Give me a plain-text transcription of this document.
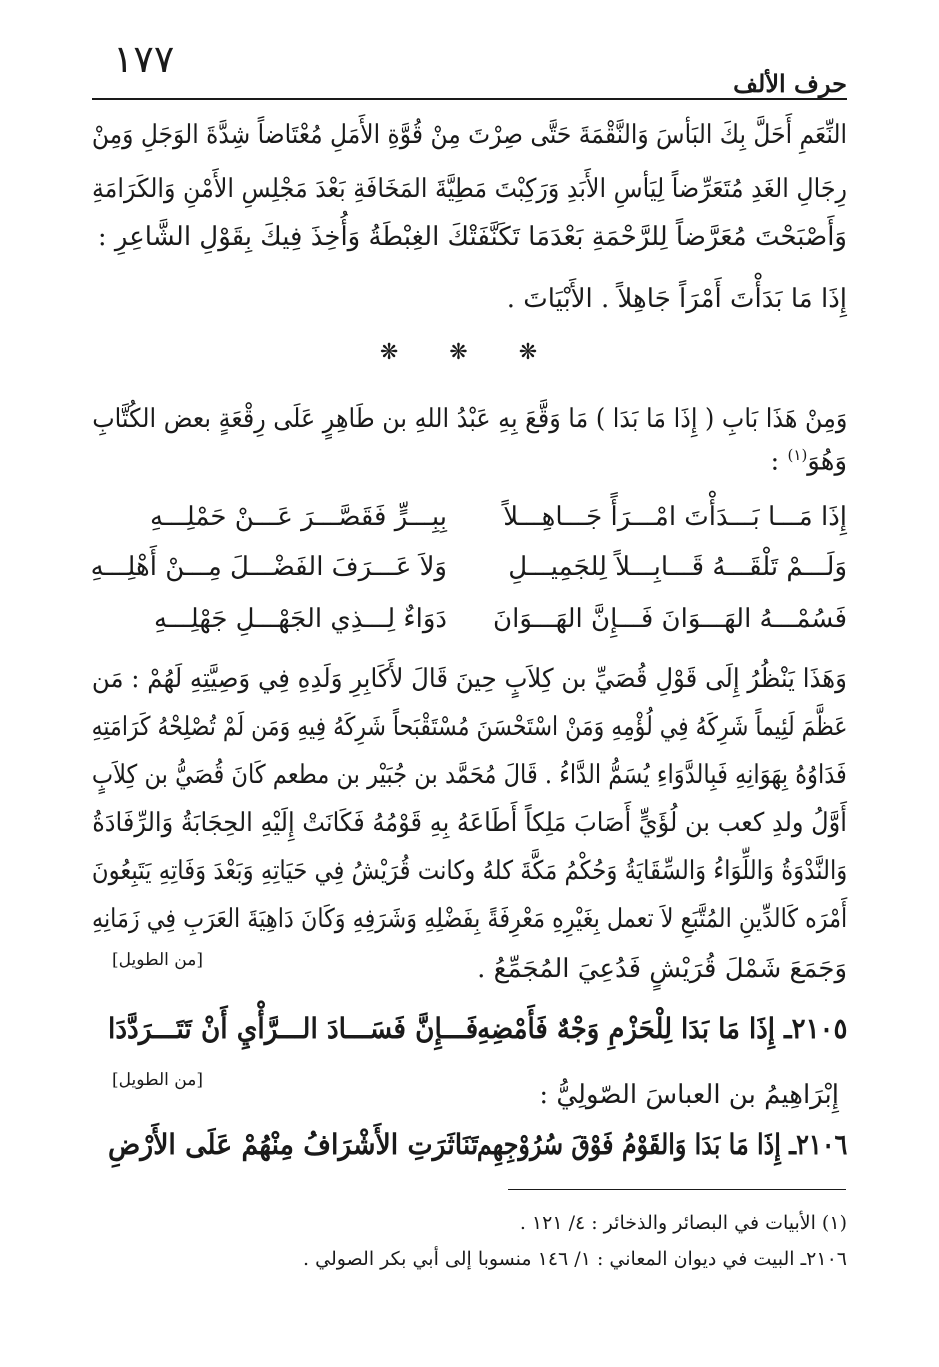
١٧٧
حرف الألف
النِّعَمِ أَحَلَّ بِكَ البَأسَ وَالنَّقْمَةَ حَتَّى صِرْتَ مِنْ قُوَّةِ الأَمَلِ مُعْتَاضاً شِدَّةَ الوَجَلِ وَمِنْ
رِجَالِ الغَدِ مُتَعَرِّضاً لِيَأسِ الأَبَدِ وَرَكِبْتَ مَطِيَّةَ المَخَافَةِ بَعْدَ مَجْلِسِ الأَمْنِ وَالكَرَامَةِ
وَأَصْبَحْتَ مُعَرَّضاً لِلرَّحْمَةِ بَعْدَمَا تَكَنَّفَتْكَ الغِبْطَةُ وَأُخِذَ فِيكَ بِقَوْلِ الشَّاعِرِ :
إِذَا مَا بَدَأْتَ أَمْرَاً جَاهِلاً . الأَبْيَاتَ .
❋ ❋ ❋
وَمِنْ هَذَا بَابِ ( إِذَا مَا بَدَا ) مَا وَقَّعَ بِهِ عَبْدُ اللهِ بن طَاهِرٍ عَلَى رِقْعَةٍ بعض الكُتَّابِ
وَهُوَ$^{(١)}$ :
إِذَا مَـــا بَـــدَأْتَ امْـــرَأً جَـــاهِـــلاً
بِبِـــرٍّ فَقَصَّـــرَ عَـــنْ حَمْلِـــهِ
وَلَـــمْ تَلْقَـــهُ قَـــابِـــلاً لِلجَمِيـــلِ
وَلاَ عَـــرَفَ الفَضْـــلَ مِـــنْ أَهْلِـــهِ
فَسُمْـــهُ الهَـــوَانَ فَـــإِنَّ الهَـــوَانَ
دَوَاءٌ لِـــذِي الجَهْـــلِ جَهْلِـــهِ
وَهَذَا يَنْظُرُ إِلَى قَوْلِ قُصَيِّ بن كِلاَبٍ حِينَ قَالَ لأَكَابِرِ وَلَدِهِ فِي وَصِيَّتِهِ لَهُمْ : مَن
عَظَّمَ لَئِيماً شَرِكَهُ فِي لُؤْمِهِ وَمَنْ اسْتَحْسَنَ مُسْتَقْبَحاً شَرِكَهُ فِيهِ وَمَن لَمْ تُصْلِحْهُ كَرَامَتِهِ
فَدَاوُهُ بِهَوَانِهِ فَبِالدَّوَاءِ يُسَمُّ الدَّاءُ . قَالَ مُحَمَّد بن جُبَيْر بن مطعم كَانَ قُصَيُّ بن كِلاَبٍ
أَوَّلُ ولدِ كعب بن لُؤَيٍّ أَصَابَ مَلِكاً أَطَاعَهُ بِهِ قَوْمُهُ فَكَانَتْ إِلَيْهِ الحِجَابَةُ وَالرِّفَادَةُ
وَالنَّدْوَةُ وَاللِّوَاءُ وَالسِّقَايَةُ وَحُكْمُ مَكَّةَ كلهُ وكانت قُرَيْشُ فِي حَيَاتِهِ وَبَعْدَ وَفَاتِهِ يَتَبِعُونَ
أَمْرَه كَالدِّينِ المُتَّبَعِ لاَ تعمل بِغَيْرِهِ مَعْرِفَةً بِفَضْلِهِ وَشَرَفِهِ وَكَانَ دَاهِيَةَ العَرَبِ فِي زَمَانِهِ
وَجَمَعَ شَمْلَ قُرَيْشٍ فَدُعِيَ المُجَمِّعُ .
[من الطويل]
٢١٠٥ـ إِذَا مَا بَدَا لِلْحَزْمِ وَجْهٌ فَأَمْضِهِ
فَـــإِنَّ فَسَـــادَ الـــرَّأْيِ أَنْ تَتَـــرَدَّدَا
[من الطويل]	إِبْرَاهِيمُ بن العباسَ الصّولِيُّ :
٢١٠٦ـ إِذَا مَا بَدَا وَالقَوْمُ فَوْقَ سُرُوْجِهِم
تَنَاثَرَتِ الأَشْرَافُ مِنْهُمْ عَلَى الأَرْضِ
(١) الأبيات في البصائر والذخائر : ٤/ ١٢١ .
٢١٠٦ـ البيت في ديوان المعاني : ١/ ١٤٦ منسوبا إلى أبي بكر الصولي .
